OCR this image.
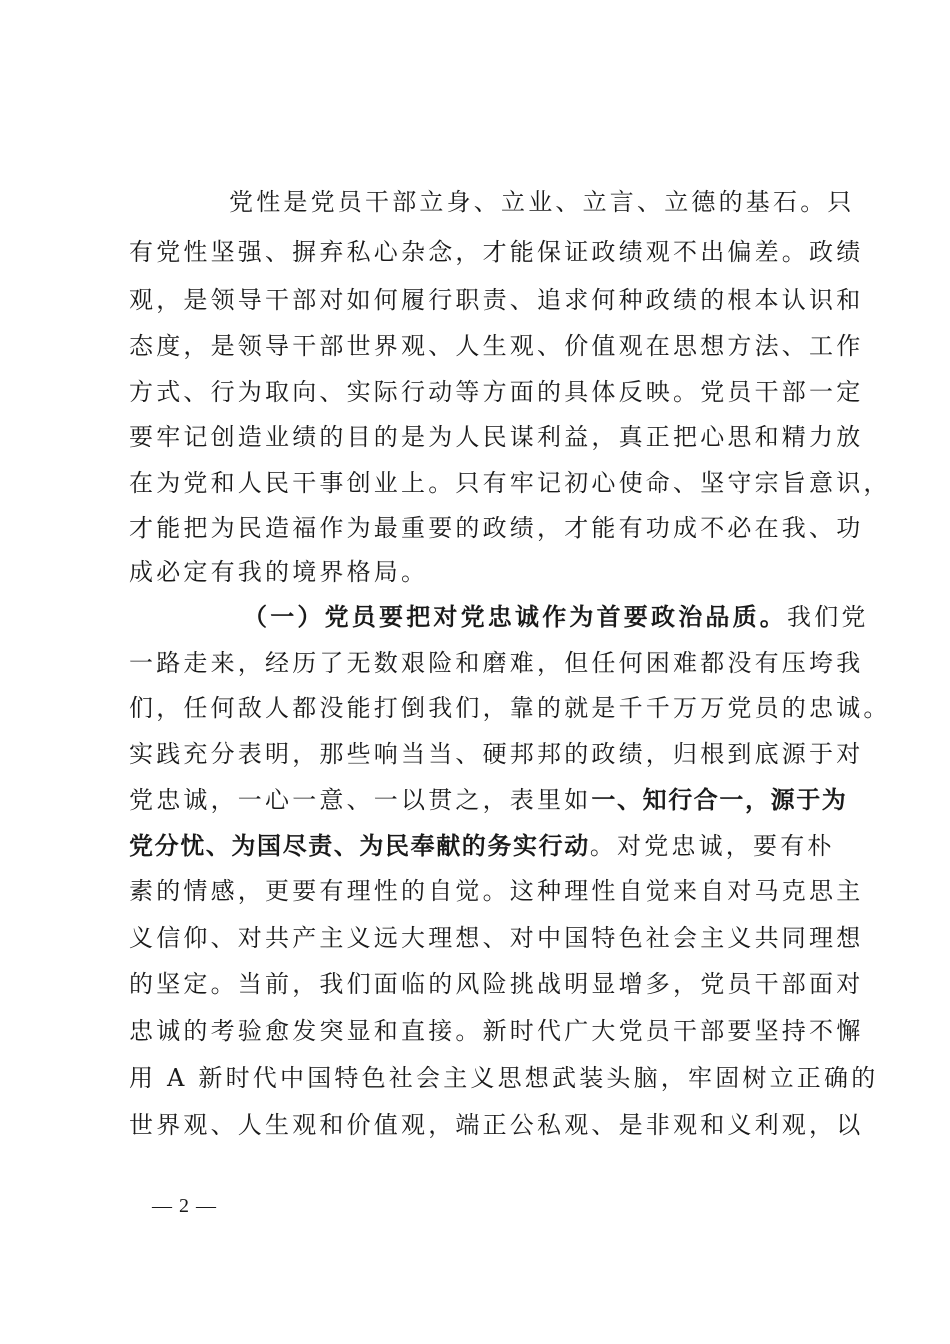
党性是党员干部立身、立业、立言、立德的基石。只
有党性坚强、摒弃私心杂念，才能保证政绩观不出偏差。政绩
观，是领导干部对如何履行职责、追求何种政绩的根本认识和
态度，是领导干部世界观、人生观、价值观在思想方法、工作
方式、行为取向、实际行动等方面的具体反映。党员干部一定
要牢记创造业绩的目的是为人民谋利益，真正把心思和精力放
在为党和人民干事创业上。只有牢记初心使命、坚守宗旨意识，
才能把为民造福作为最重要的政绩，才能有功成不必在我、功
成必定有我的境界格局。
（一）党员要把对党忠诚作为首要政治品质。我们党
一路走来，经历了无数艰险和磨难，但任何困难都没有压垮我
们，任何敌人都没能打倒我们，靠的就是千千万万党员的忠诚。
实践充分表明，那些响当当、硬邦邦的政绩，归根到底源于对
党忠诚，一心一意、一以贯之，表里如一、知行合一，源于为
党分忧、为国尽责、为民奉献的务实行动。对党忠诚，要有朴
素的情感，更要有理性的自觉。这种理性自觉来自对马克思主
义信仰、对共产主义远大理想、对中国特色社会主义共同理想
的坚定。当前，我们面临的风险挑战明显增多，党员干部面对
忠诚的考验愈发突显和直接。新时代广大党员干部要坚持不懈
用 A 新时代中国特色社会主义思想武装头脑，牢固树立正确的
世界观、人生观和价值观，端正公私观、是非观和义利观，以
— 2 —
